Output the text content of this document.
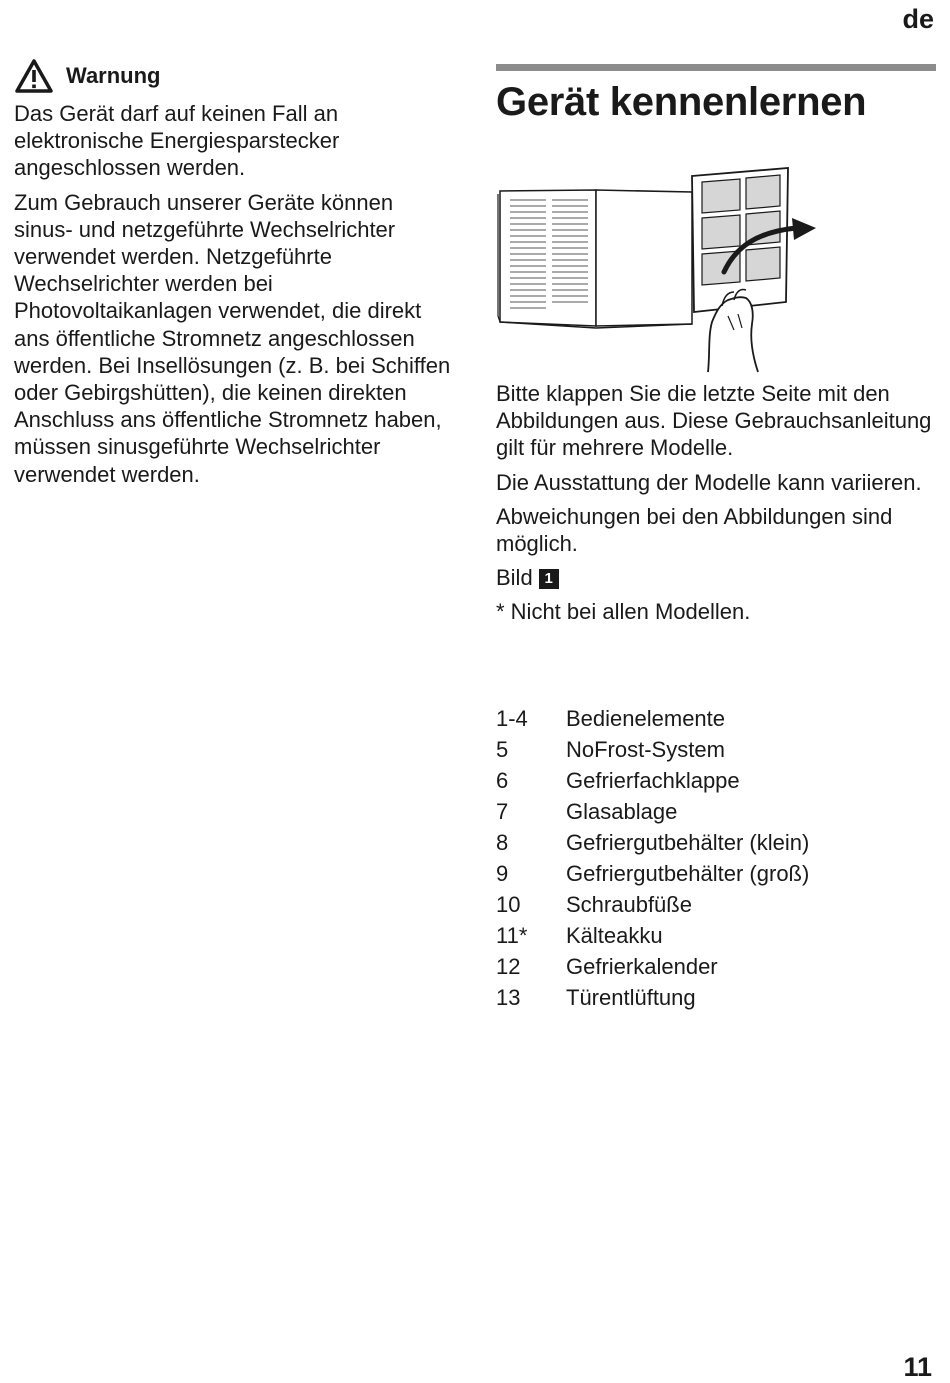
de
Warnung

Das Gerät darf auf keinen Fall an elektronische Energiesparstecker angeschlossen werden.

Zum Gebrauch unserer Geräte können sinus- und netzgeführte Wechselrichter verwendet werden. Netzgeführte Wechselrichter werden bei Photovoltaikanlagen verwendet, die direkt ans öffentliche Stromnetz angeschlossen werden. Bei Insellösungen (z. B. bei Schiffen oder Gebirgshütten), die keinen direkten Anschluss ans öffentliche Stromnetz haben, müssen sinusgeführte Wechselrichter verwendet werden.

Gerät kennenlernen

Bitte klappen Sie die letzte Seite mit den Abbildungen aus. Diese Gebrauchsanleitung gilt für mehrere Modelle.

Die Ausstattung der Modelle kann variieren.

Abweichungen bei den Abbildungen sind möglich.

Bild 1

* Nicht bei allen Modellen.

1-4	Bedienelemente
5	NoFrost-System
6	Gefrierfachklappe
7	Glasablage
8	Gefriergutbehälter (klein)
9	Gefriergutbehälter (groß)
10	Schraubfüße
11*	Kälteakku
12	Gefrierkalender
13	Türentlüftung
11
